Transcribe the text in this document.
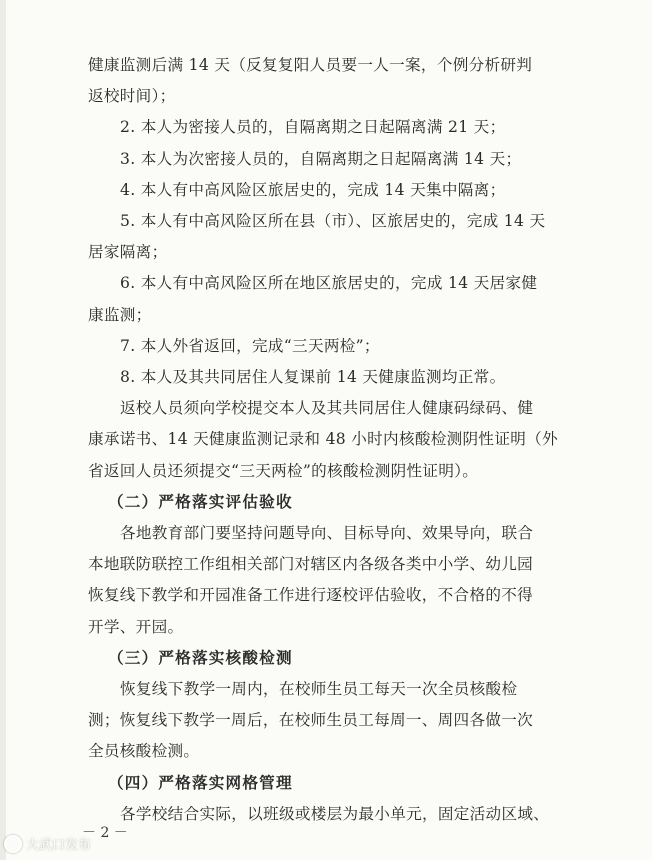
健康监测后满 14 天（反复复阳人员要一人一案，个例分析研判

返校时间）；

2. 本人为密接人员的，自隔离期之日起隔离满 21 天；

3. 本人为次密接人员的，自隔离期之日起隔离满 14 天；

4. 本人有中高风险区旅居史的，完成 14 天集中隔离；

5. 本人有中高风险区所在县（市）、区旅居史的，完成 14 天

居家隔离；

6. 本人有中高风险区所在地区旅居史的，完成 14 天居家健

康监测；

7. 本人外省返回，完成“三天两检”；

8. 本人及其共同居住人复课前 14 天健康监测均正常。

返校人员须向学校提交本人及其共同居住人健康码绿码、健

康承诺书、14 天健康监测记录和 48 小时内核酸检测阴性证明（外

省返回人员还须提交“三天两检”的核酸检测阴性证明）。

（二）严格落实评估验收

各地教育部门要坚持问题导向、目标导向、效果导向，联合

本地联防联控工作组相关部门对辖区内各级各类中小学、幼儿园

恢复线下教学和开园准备工作进行逐校评估验收，不合格的不得

开学、开园。

（三）严格落实核酸检测

恢复线下教学一周内，在校师生员工每天一次全员核酸检

测；恢复线下教学一周后，在校师生员工每周一、周四各做一次

全员核酸检测。

（四）严格落实网格管理

各学校结合实际，以班级或楼层为最小单元，固定活动区域、

－ 2 －
大武口发布
